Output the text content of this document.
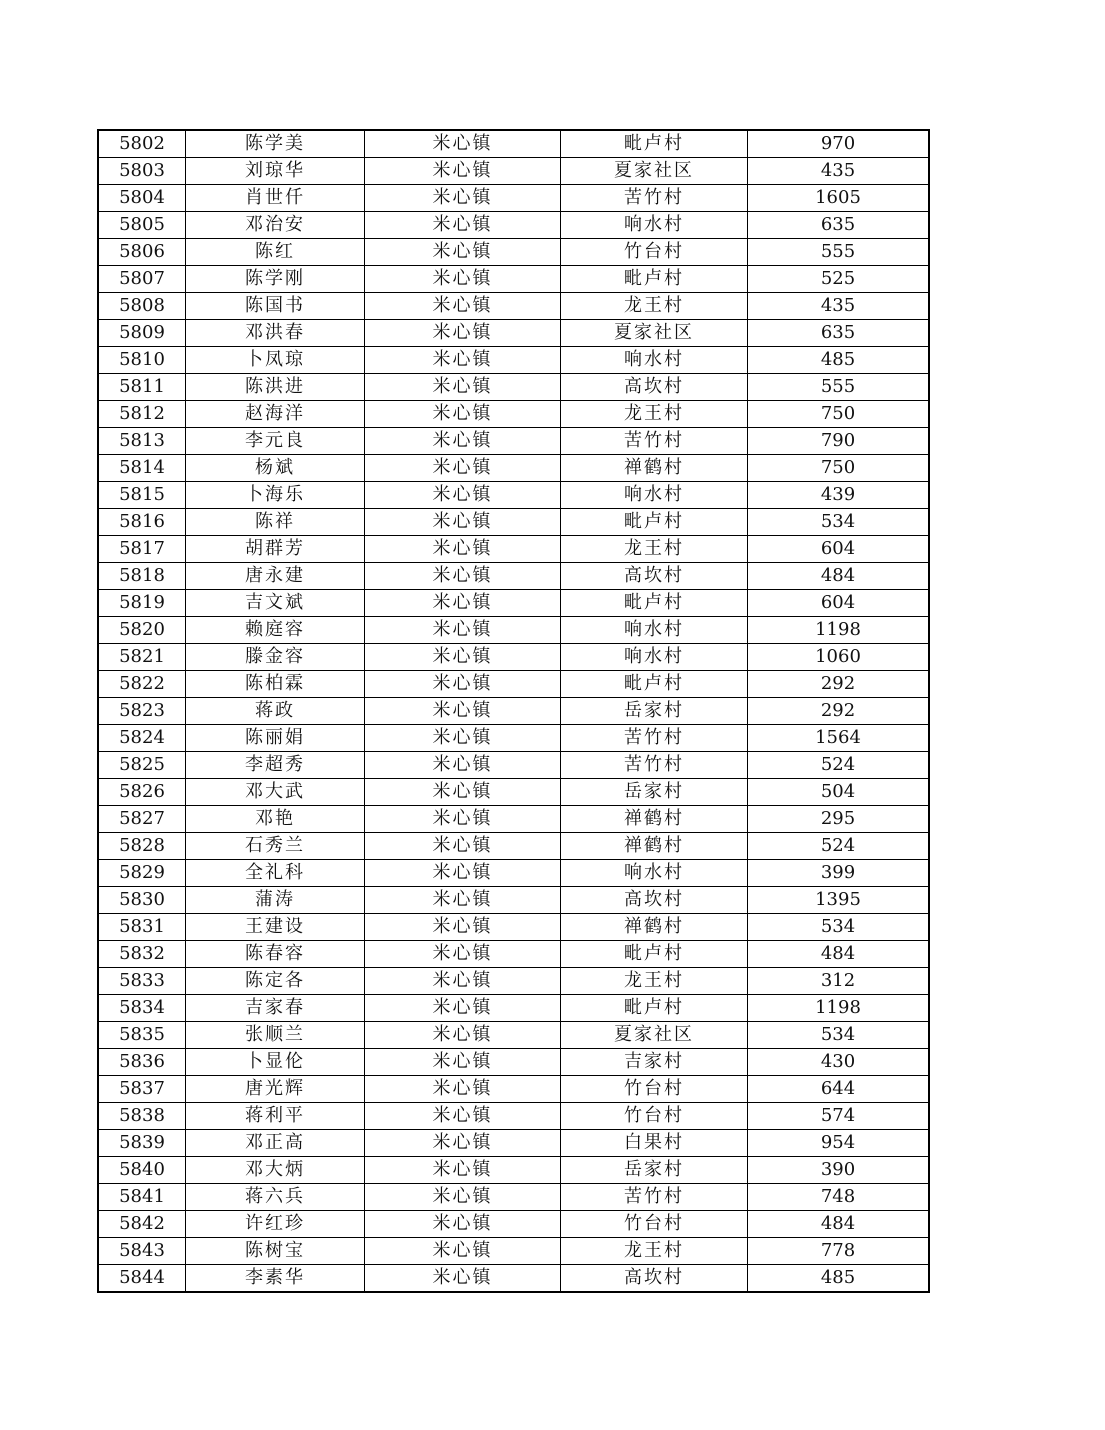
5802	陈学美	米心镇	毗卢村	970
5803	刘琼华	米心镇	夏家社区	435
5804	肖世仟	米心镇	苦竹村	1605
5805	邓治安	米心镇	响水村	635
5806	陈红	米心镇	竹台村	555
5807	陈学刚	米心镇	毗卢村	525
5808	陈国书	米心镇	龙王村	435
5809	邓洪春	米心镇	夏家社区	635
5810	卜凤琼	米心镇	响水村	485
5811	陈洪进	米心镇	高坎村	555
5812	赵海洋	米心镇	龙王村	750
5813	李元良	米心镇	苦竹村	790
5814	杨斌	米心镇	禅鹤村	750
5815	卜海乐	米心镇	响水村	439
5816	陈祥	米心镇	毗卢村	534
5817	胡群芳	米心镇	龙王村	604
5818	唐永建	米心镇	高坎村	484
5819	吉文斌	米心镇	毗卢村	604
5820	赖庭容	米心镇	响水村	1198
5821	滕金容	米心镇	响水村	1060
5822	陈柏霖	米心镇	毗卢村	292
5823	蒋政	米心镇	岳家村	292
5824	陈丽娟	米心镇	苦竹村	1564
5825	李超秀	米心镇	苦竹村	524
5826	邓大武	米心镇	岳家村	504
5827	邓艳	米心镇	禅鹤村	295
5828	石秀兰	米心镇	禅鹤村	524
5829	全礼科	米心镇	响水村	399
5830	蒲涛	米心镇	高坎村	1395
5831	王建设	米心镇	禅鹤村	534
5832	陈春容	米心镇	毗卢村	484
5833	陈定各	米心镇	龙王村	312
5834	吉家春	米心镇	毗卢村	1198
5835	张顺兰	米心镇	夏家社区	534
5836	卜显伦	米心镇	吉家村	430
5837	唐光辉	米心镇	竹台村	644
5838	蒋利平	米心镇	竹台村	574
5839	邓正高	米心镇	白果村	954
5840	邓大炳	米心镇	岳家村	390
5841	蒋六兵	米心镇	苦竹村	748
5842	许红珍	米心镇	竹台村	484
5843	陈树宝	米心镇	龙王村	778
5844	李素华	米心镇	高坎村	485
